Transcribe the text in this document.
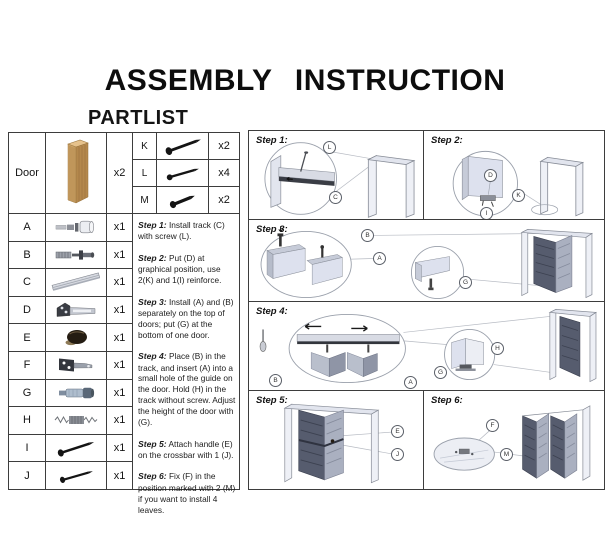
ASSEMBLY INSTRUCTION
PARTLIST
Door	x2
K	x2
L	x4
M	x2
A	x1
B	x1
C	x1
D	x1
E	x1
F	x1
G	x1
H	x1
I	x1
J	x1

Step 1: Install track (C) with screw (L).

Step 2: Put (D) at graphical position, use 2(K) and 1(I) reinforce.

Step 3: Install (A) and (B) separately on the top of doors; put (G) at the bottom of one door.

Step 4: Place (B) in the track, and insert (A) into a small hole of the guide on the door. Hold (H) in the track without screw. Adjust the height of the door with (G).

Step 5: Attach handle (E) on the crossbar with 1 (J).

Step 6: Fix (F) in the position marked with 2 (M) if you want to install 4 leaves.

Step 1:
L
C
Step 2:
D
K
I
Step 3:
B
A
G
Step 4:
H
B	A
G
Step 5:
E
J
Step 6:
F
M
